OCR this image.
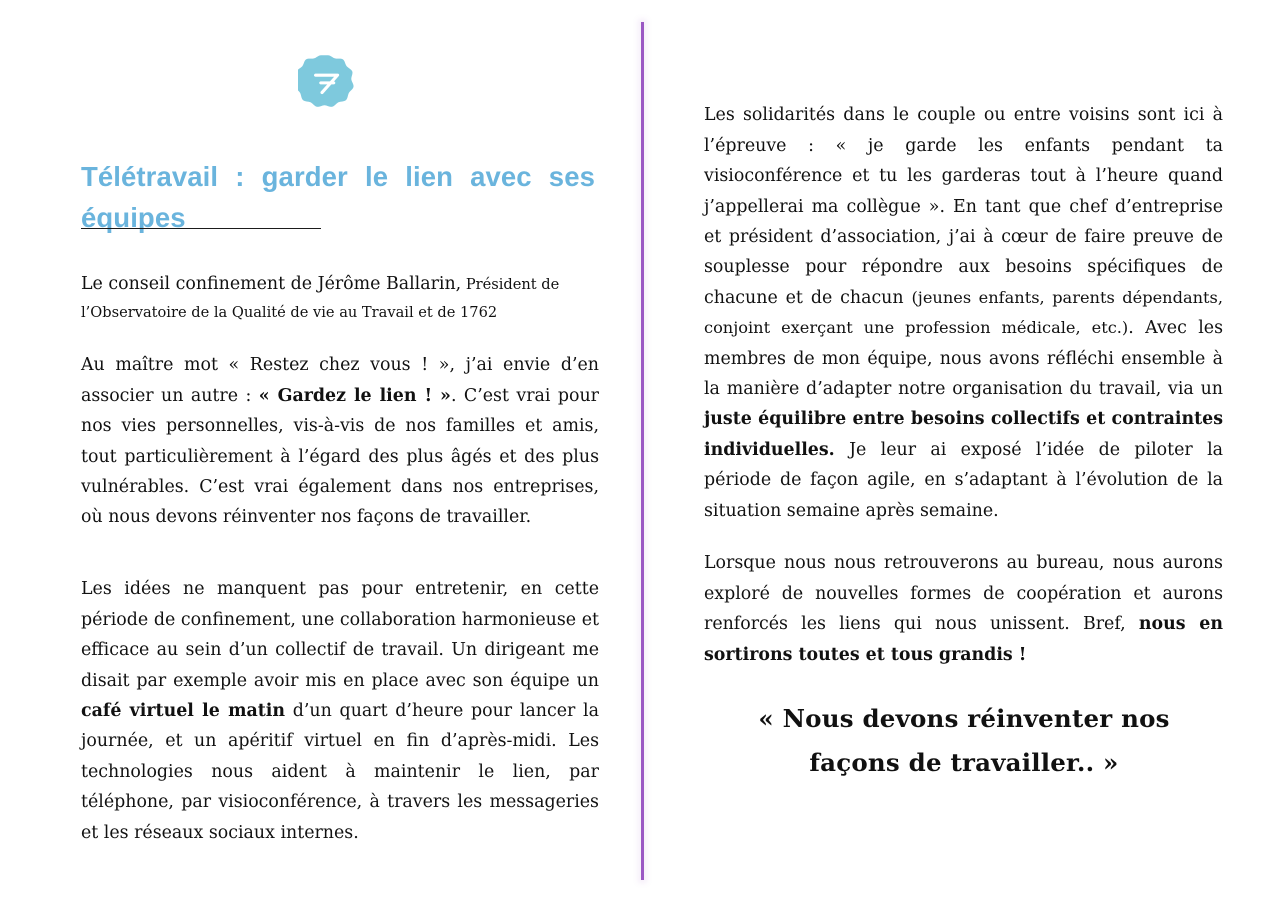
Télétravail : garder le lien avec ses équipes

Le conseil confinement de Jérôme Ballarin, Président de l’Observatoire de la Qualité de vie au Travail et de 1762

Au maître mot « Restez chez vous ! », j’ai envie d’en associer un autre : « Gardez le lien ! ». C’est vrai pour nos vies personnelles, vis-à-vis de nos familles et amis, tout particulièrement à l’égard des plus âgés et des plus vulnérables. C’est vrai également dans nos entreprises, où nous devons réinventer nos façons de travailler.

Les idées ne manquent pas pour entretenir, en cette période de confinement, une collaboration harmonieuse et efficace au sein d’un collectif de travail. Un dirigeant me disait par exemple avoir mis en place avec son équipe un café virtuel le matin d’un quart d’heure pour lancer la journée, et un apéritif virtuel en fin d’après-midi. Les technologies nous aident à maintenir le lien, par téléphone, par visioconférence, à travers les messageries et les réseaux sociaux internes.

Les solidarités dans le couple ou entre voisins sont ici à l’épreuve : « je garde les enfants pendant ta visioconférence et tu les garderas tout à l’heure quand j’appellerai ma collègue ». En tant que chef d’entreprise et président d’association, j’ai à cœur de faire preuve de souplesse pour répondre aux besoins spécifiques de chacune et de chacun (jeunes enfants, parents dépendants, conjoint exerçant une profession médicale, etc.). Avec les membres de mon équipe, nous avons réfléchi ensemble à la manière d’adapter notre organisation du travail, via un juste équilibre entre besoins collectifs et contraintes individuelles. Je leur ai exposé l’idée de piloter la période de façon agile, en s’adaptant à l’évolution de la situation semaine après semaine.

Lorsque nous nous retrouverons au bureau, nous aurons exploré de nouvelles formes de coopération et aurons renforcés les liens qui nous unissent. Bref, nous en sortirons toutes et tous grandis !

« Nous devons réinventer nos façons de travailler.. »
